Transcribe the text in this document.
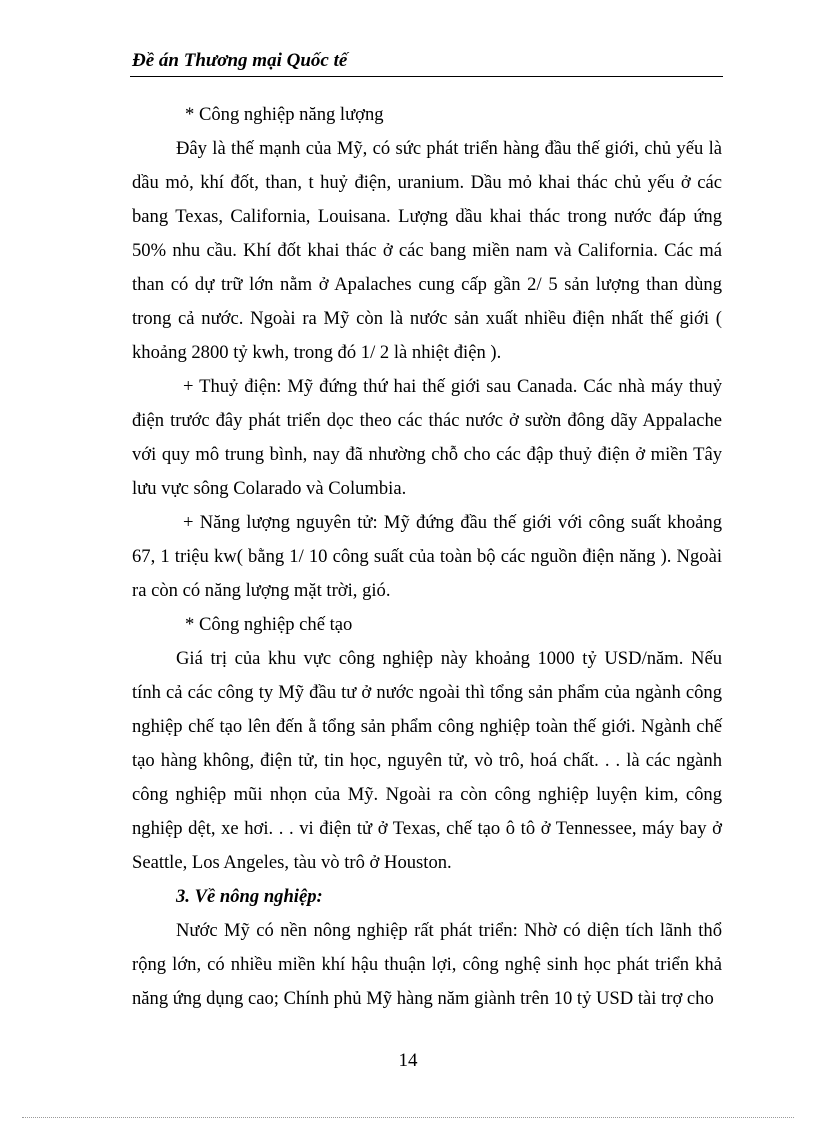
Đề án Thương mại Quốc tế
* Công nghiệp năng lượng
Đây là thế mạnh của Mỹ, có sức phát triển hàng đầu thế giới, chủ yếu là
dầu mỏ, khí đốt, than, t huỷ điện, uranium. Dầu mỏ khai thác chủ yếu ở các
bang Texas, California, Louisana. Lượng dầu khai thác trong nước đáp ứng
50% nhu cầu. Khí đốt khai thác ở các bang miền nam và California. Các má
than có dự trữ lớn nằm ở Apalaches cung cấp gần 2/ 5 sản lượng than dùng
trong cả nước. Ngoài ra Mỹ còn là nước sản xuất nhiều điện nhất thế giới (
khoảng 2800 tỷ kwh, trong đó 1/ 2 là nhiệt điện ).
+ Thuỷ điện: Mỹ đứng thứ hai thế giới sau Canada. Các nhà máy thuỷ
điện trước đây phát triển dọc theo các thác nước ở sườn đông dãy Appalache
với quy mô trung bình, nay đã nhường chỗ cho các đập thuỷ điện ở miền Tây
lưu vực sông Colarado và Columbia.
+ Năng lượng nguyên tử: Mỹ đứng đầu thế giới với công suất khoảng
67, 1 triệu kw( bằng 1/ 10 công suất của toàn bộ các nguồn điện năng ). Ngoài
ra còn có năng lượng mặt trời, gió.
* Công nghiệp chế tạo
Giá trị của khu vực công nghiệp này khoảng 1000 tỷ USD/năm. Nếu
tính cả các công ty Mỹ đầu tư ở nước ngoài thì tổng sản phẩm của ngành công
nghiệp chế tạo lên đến ằ tổng sản phẩm công nghiệp toàn thế giới. Ngành chế
tạo hàng không, điện tử, tin học, nguyên tử, vò trô, hoá chất. . . là các ngành
công nghiệp mũi nhọn của Mỹ. Ngoài ra còn công nghiệp luyện kim, công
nghiệp dệt, xe hơi. . . vi điện tử ở Texas, chế tạo ô tô ở Tennessee, máy bay ở
Seattle, Los Angeles, tàu vò trô ở Houston.
3. Về nông nghiệp:
Nước Mỹ có nền nông nghiệp rất phát triển: Nhờ có diện tích lãnh thổ
rộng lớn, có nhiều miền khí hậu thuận lợi, công nghệ sinh học phát triển khả
năng ứng dụng cao; Chính phủ Mỹ hàng năm giành trên 10 tỷ USD tài trợ cho
14
